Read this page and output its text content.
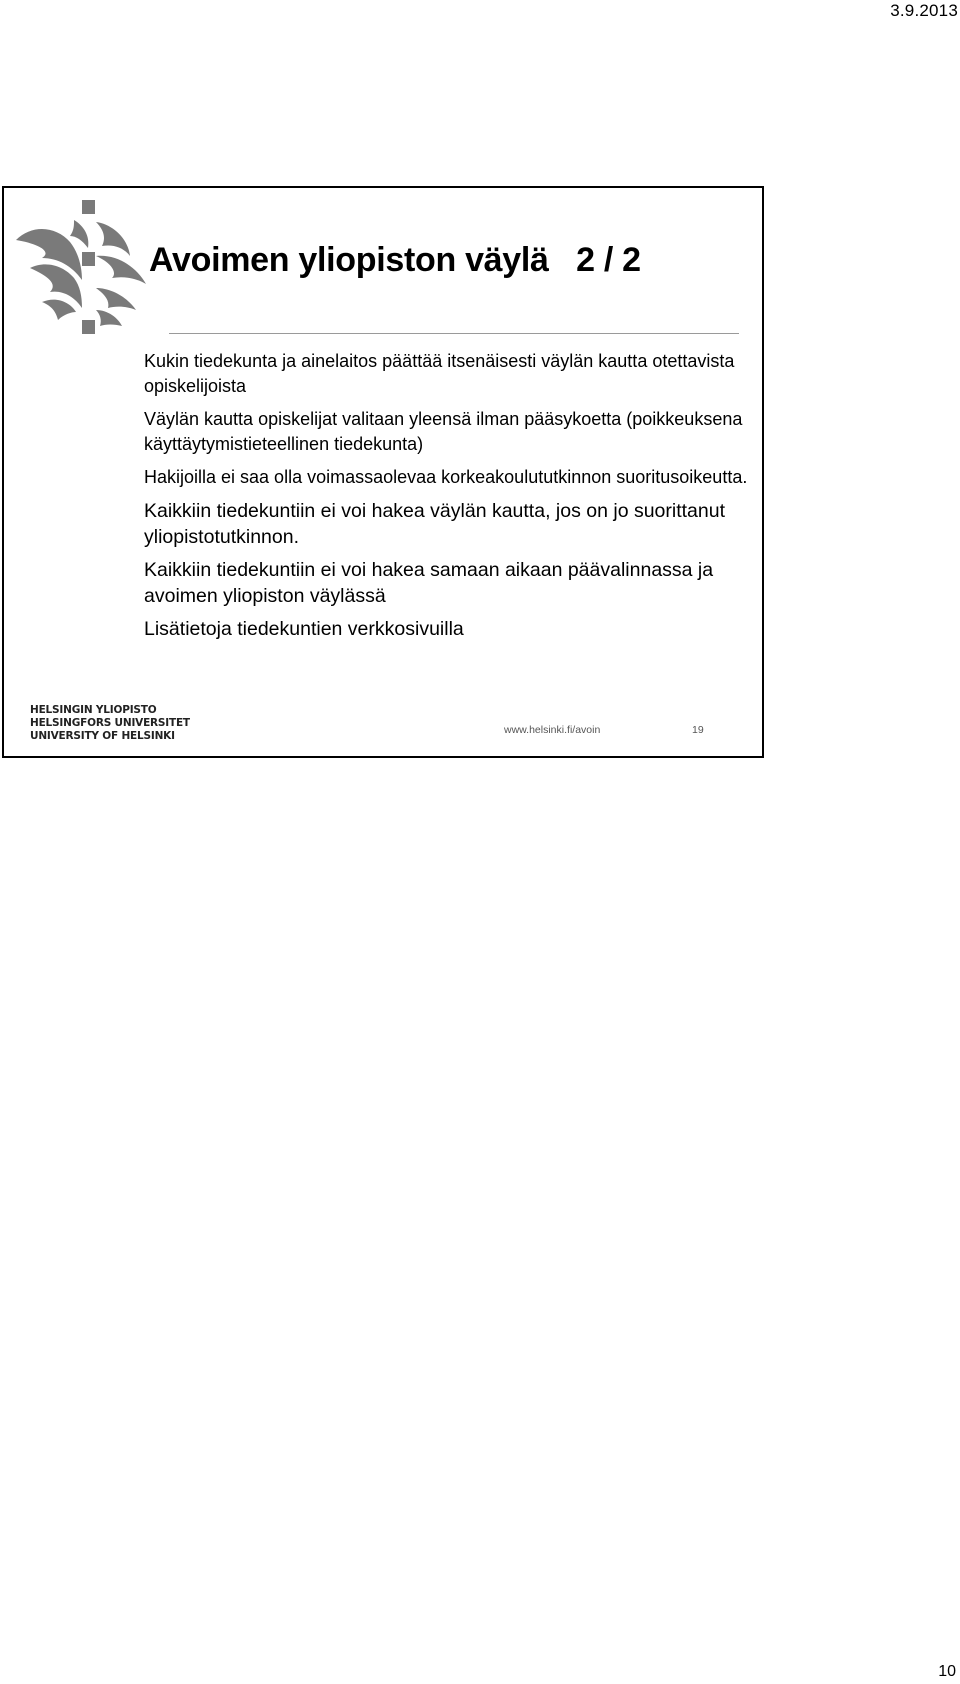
3.9.2013
Avoimen yliopiston väylä   2 / 2
Kukin tiedekunta ja ainelaitos päättää itsenäisesti väylän kautta otettavista opiskelijoista
Väylän kautta opiskelijat valitaan yleensä ilman pääsykoetta (poikkeuksena käyttäytymistieteellinen tiedekunta)
Hakijoilla ei saa olla voimassaolevaa korkeakoulututkinnon suoritusoikeutta.
Kaikkiin tiedekuntiin ei voi hakea väylän kautta, jos on jo suorittanut yliopistotutkinnon.
Kaikkiin tiedekuntiin ei voi hakea samaan aikaan päävalinnassa ja avoimen yliopiston väylässä
Lisätietoja tiedekuntien verkkosivuilla
HELSINGIN YLIOPISTO
HELSINGFORS UNIVERSITET
UNIVERSITY OF HELSINKI	www.helsinki.fi/avoin	19
10
